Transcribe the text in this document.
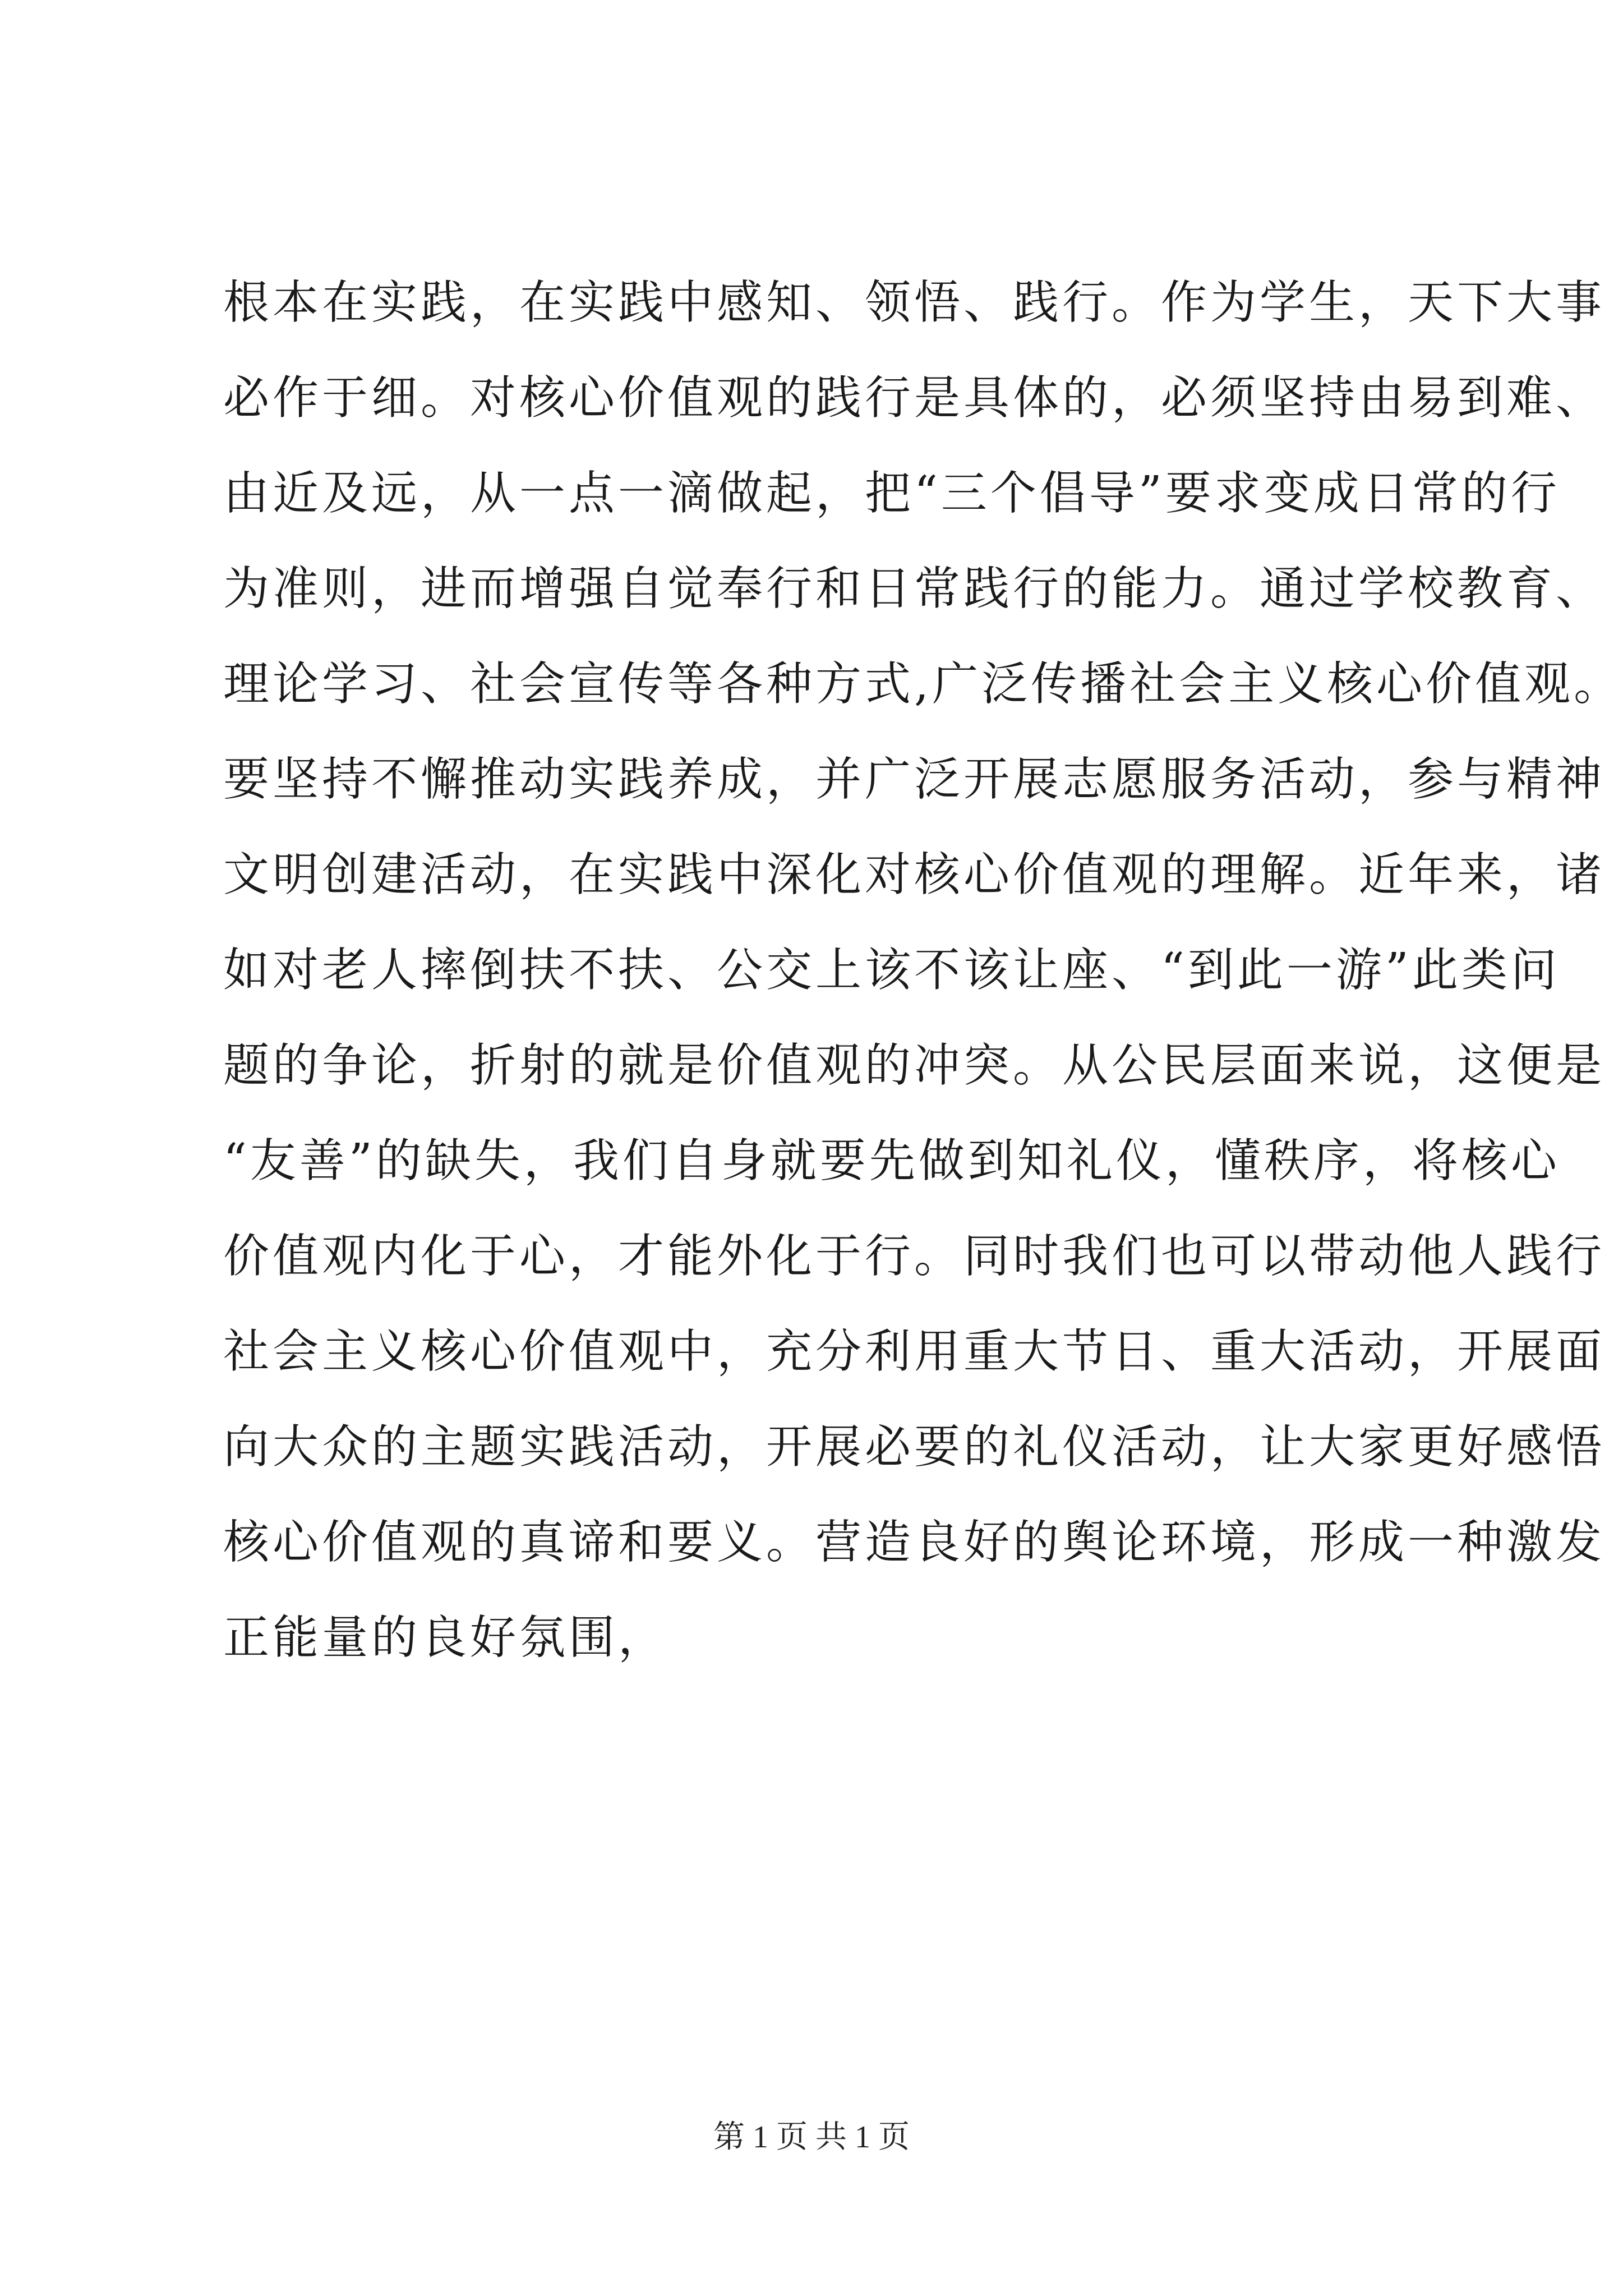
根本在实践，在实践中感知、领悟、践行。作为学生，天下大事
必作于细。对核心价值观的践行是具体的，必须坚持由易到难、
由近及远，从一点一滴做起，把“三个倡导”要求变成日常的行
为准则，进而增强自觉奉行和日常践行的能力。通过学校教育、
理论学习、社会宣传等各种方式,广泛传播社会主义核心价值观。
要坚持不懈推动实践养成，并广泛开展志愿服务活动，参与精神
文明创建活动，在实践中深化对核心价值观的理解。近年来，诸
如对老人摔倒扶不扶、公交上该不该让座、“到此一游”此类问
题的争论，折射的就是价值观的冲突。从公民层面来说，这便是
“友善”的缺失，我们自身就要先做到知礼仪，懂秩序，将核心
价值观内化于心，才能外化于行。同时我们也可以带动他人践行
社会主义核心价值观中，充分利用重大节日、重大活动，开展面
向大众的主题实践活动，开展必要的礼仪活动，让大家更好感悟
核心价值观的真谛和要义。营造良好的舆论环境，形成一种激发
正能量的良好氛围，
第 1 页 共 1 页
